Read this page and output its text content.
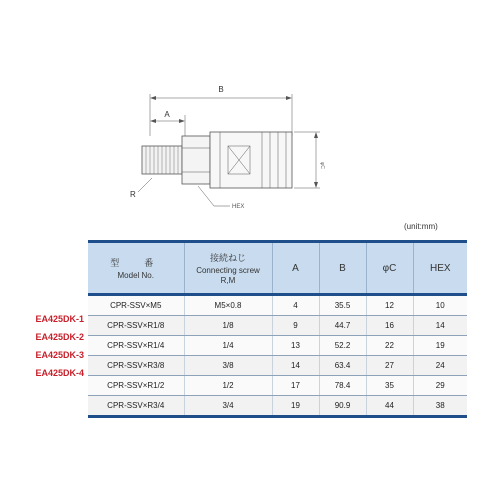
B
A
R
φC
HEX
(unit:mm)
型　番
Model No.	接続ねじ
Connecting screw
R,M	A	B	φC	HEX
CPR-SSV×M5	M5×0.8	4	35.5	12	10
CPR-SSV×R1/8	1/8	9	44.7	16	14
CPR-SSV×R1/4	1/4	13	52.2	22	19
CPR-SSV×R3/8	3/8	14	63.4	27	24
CPR-SSV×R1/2	1/2	17	78.4	35	29
CPR-SSV×R3/4	3/4	19	90.9	44	38
EA425DK-1
EA425DK-2
EA425DK-3
EA425DK-4
